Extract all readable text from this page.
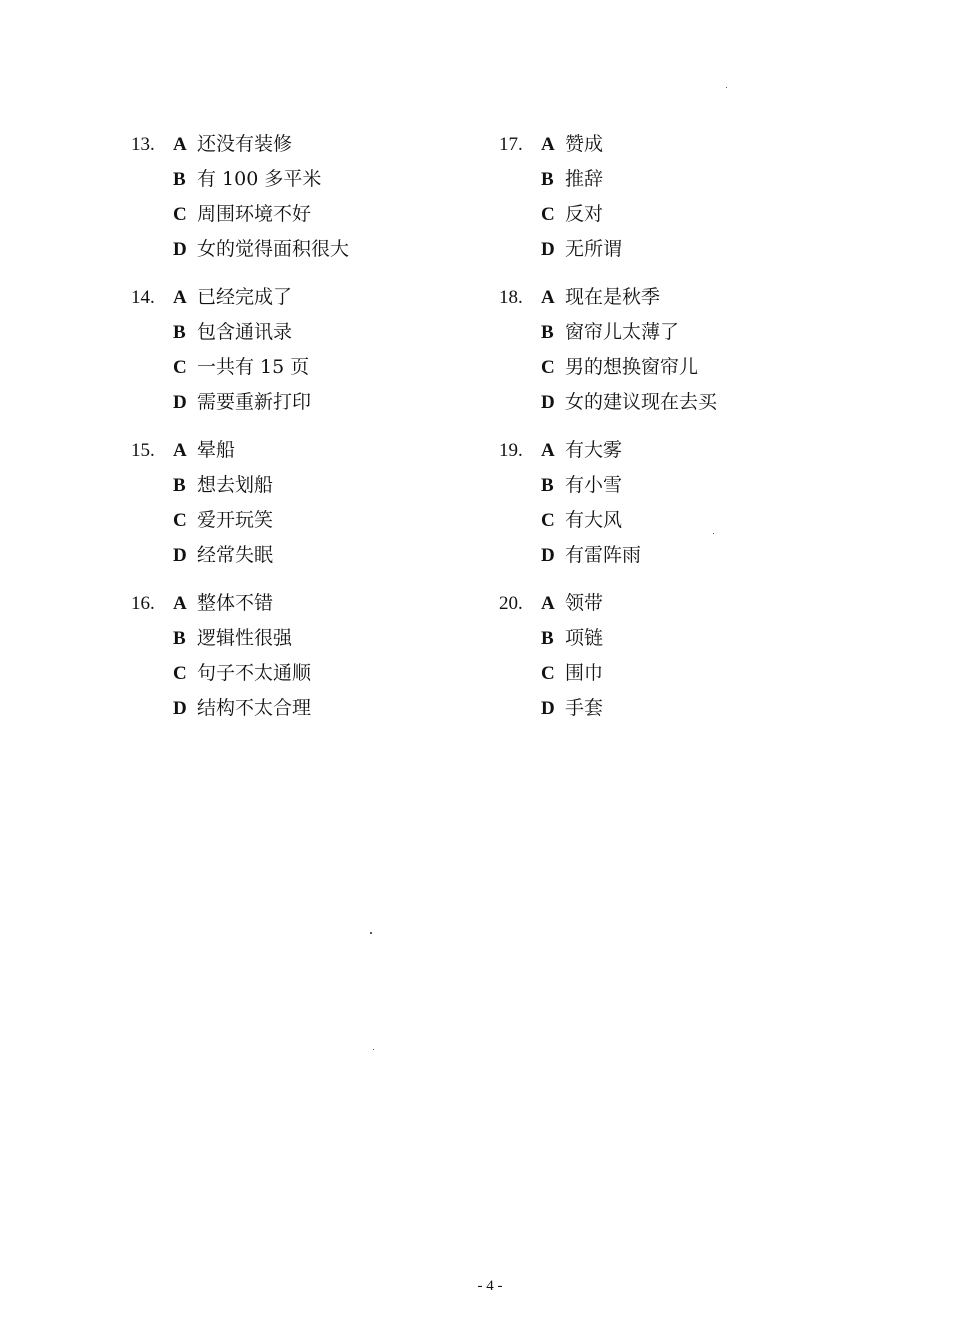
13. A 还没有装修
B 有 100 多平米
C 周围环境不好
D 女的觉得面积很大
14. A 已经完成了
B 包含通讯录
C 一共有 15 页
D 需要重新打印
15. A 晕船
B 想去划船
C 爱开玩笑
D 经常失眠
16. A 整体不错
B 逻辑性很强
C 句子不太通顺
D 结构不太合理
17. A 赞成
B 推辞
C 反对
D 无所谓
18. A 现在是秋季
B 窗帘儿太薄了
C 男的想换窗帘儿
D 女的建议现在去买
19. A 有大雾
B 有小雪
C 有大风
D 有雷阵雨
20. A 领带
B 项链
C 围巾
D 手套
- 4 -
